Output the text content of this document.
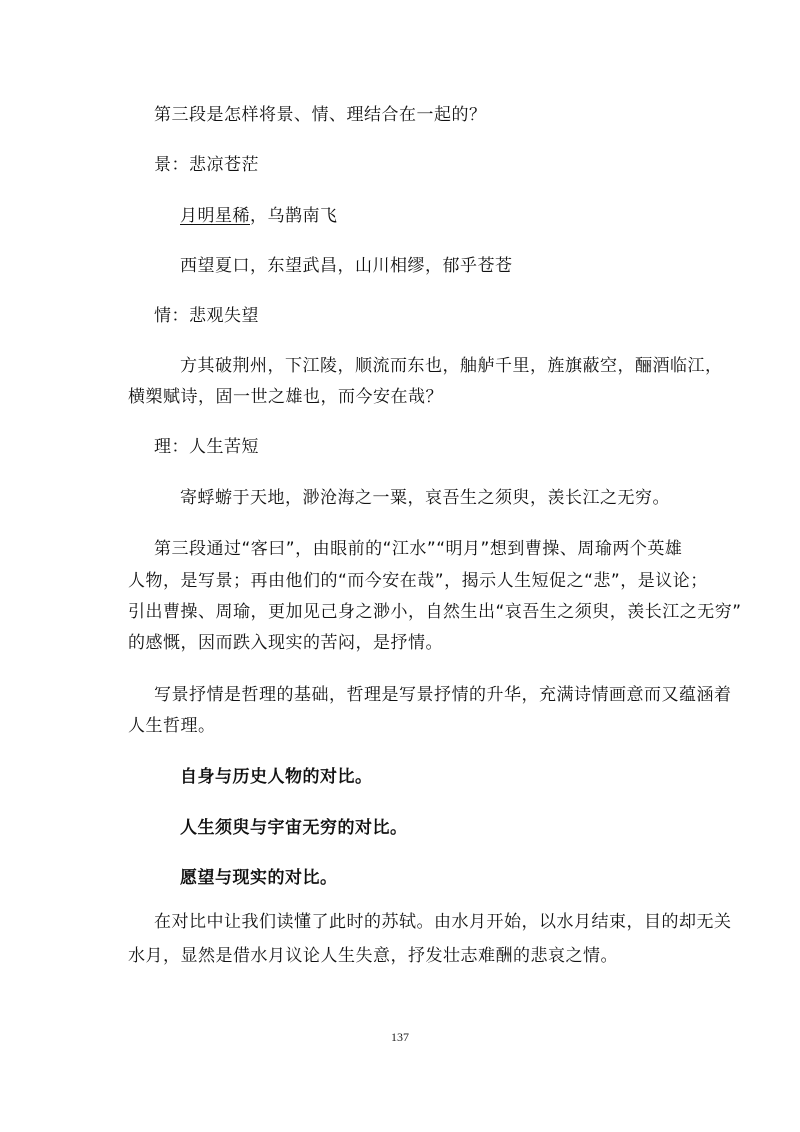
第三段是怎样将景、情、理结合在一起的？
景：悲凉苍茫
月明星稀，乌鹊南飞
西望夏口，东望武昌，山川相缪，郁乎苍苍
情：悲观失望
方其破荆州，下江陵，顺流而东也，舳舻千里，旌旗蔽空，酾酒临江，
横槊赋诗，固一世之雄也，而今安在哉？
理：人生苦短
寄蜉蝣于天地，渺沧海之一粟，哀吾生之须臾，羡长江之无穷。
第三段通过“客曰”，由眼前的“江水”“明月”想到曹操、周瑜两个英雄
人物，是写景；再由他们的“而今安在哉”，揭示人生短促之“悲”，是议论；
引出曹操、周瑜，更加见己身之渺小，自然生出“哀吾生之须臾，羡长江之无穷”
的感慨，因而跌入现实的苦闷，是抒情。
写景抒情是哲理的基础，哲理是写景抒情的升华，充满诗情画意而又蕴涵着
人生哲理。
自身与历史人物的对比。
人生须臾与宇宙无穷的对比。
愿望与现实的对比。
在对比中让我们读懂了此时的苏轼。由水月开始，以水月结束，目的却无关
水月，显然是借水月议论人生失意，抒发壮志难酬的悲哀之情。
137
